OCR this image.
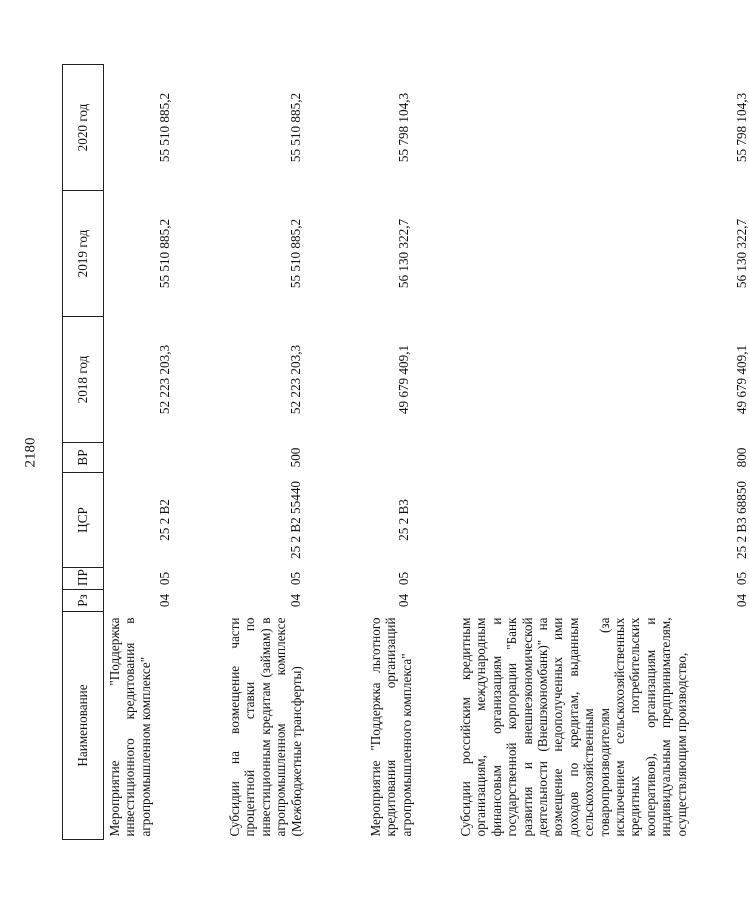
2180
Наименование	Рз	ПР	ЦСР	ВР	2018 год	2019 год	2020 год
Мероприятие "Поддержка инвестиционного кредитования в агропромышленном комплексе"	04	05	25 2 В2		52 223 203,3	55 510 885,2	55 510 885,2
Субсидии на возмещение части процентной ставки по инвестиционным кредитам (займам) в агропромышленном комплексе (Межбюджетные трансферты)	04	05	25 2 В2 55440	500	52 223 203,3	55 510 885,2	55 510 885,2
Мероприятие "Поддержка льготного кредитования организаций агропромышленного комплекса"	04	05	25 2 В3		49 679 409,1	56 130 322,7	55 798 104,3
Субсидии российским кредитным организациям, международным финансовым организациям и государственной корпорации "Банк развития и внешнеэкономической деятельности (Внешэкономбанк)" на возмещение недополученных ими доходов по кредитам, выданным сельскохозяйственным товаропроизводителям (за исключением сельскохозяйственных кредитных потребительских кооперативов), организациям и индивидуальным предпринимателям, осуществляющим производство,	04	05	25 2 В3 68850	800	49 679 409,1	56 130 322,7	55 798 104,3
